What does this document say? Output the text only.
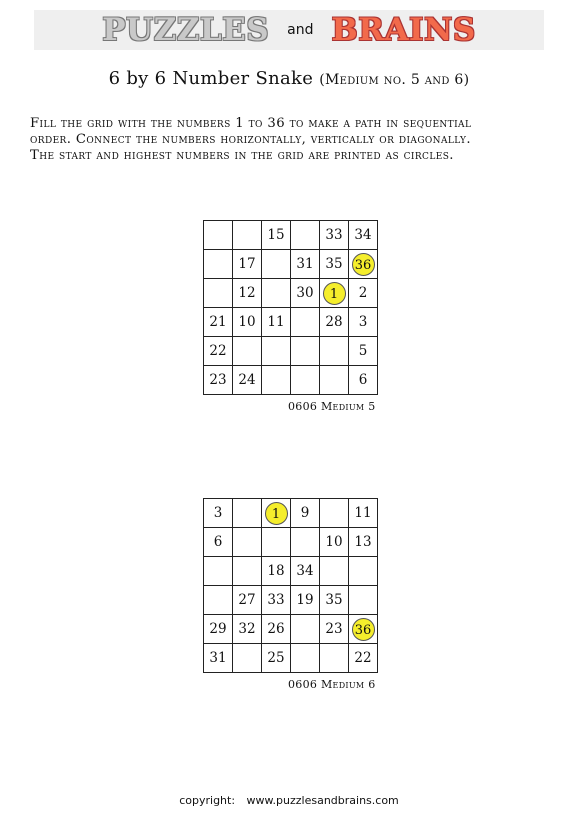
PUZZLES and BRAINS
6 by 6 Number Snake (Medium no. 5 and 6)
Fill the grid with the numbers 1 to 36 to make a path in sequential
order. Connect the numbers horizontally, vertically or diagonally.
The start and highest numbers in the grid are printed as circles.
		15		33	34
	17		31	35	36
	12		30	1	2
21	10	11		28	3
22					5
23	24				6
0606 Medium 5
3		1	9		11
6				10	13
		18	34		
	27	33	19	35	
29	32	26		23	36
31		25			22
0606 Medium 6
copyright: www.puzzlesandbrains.com
